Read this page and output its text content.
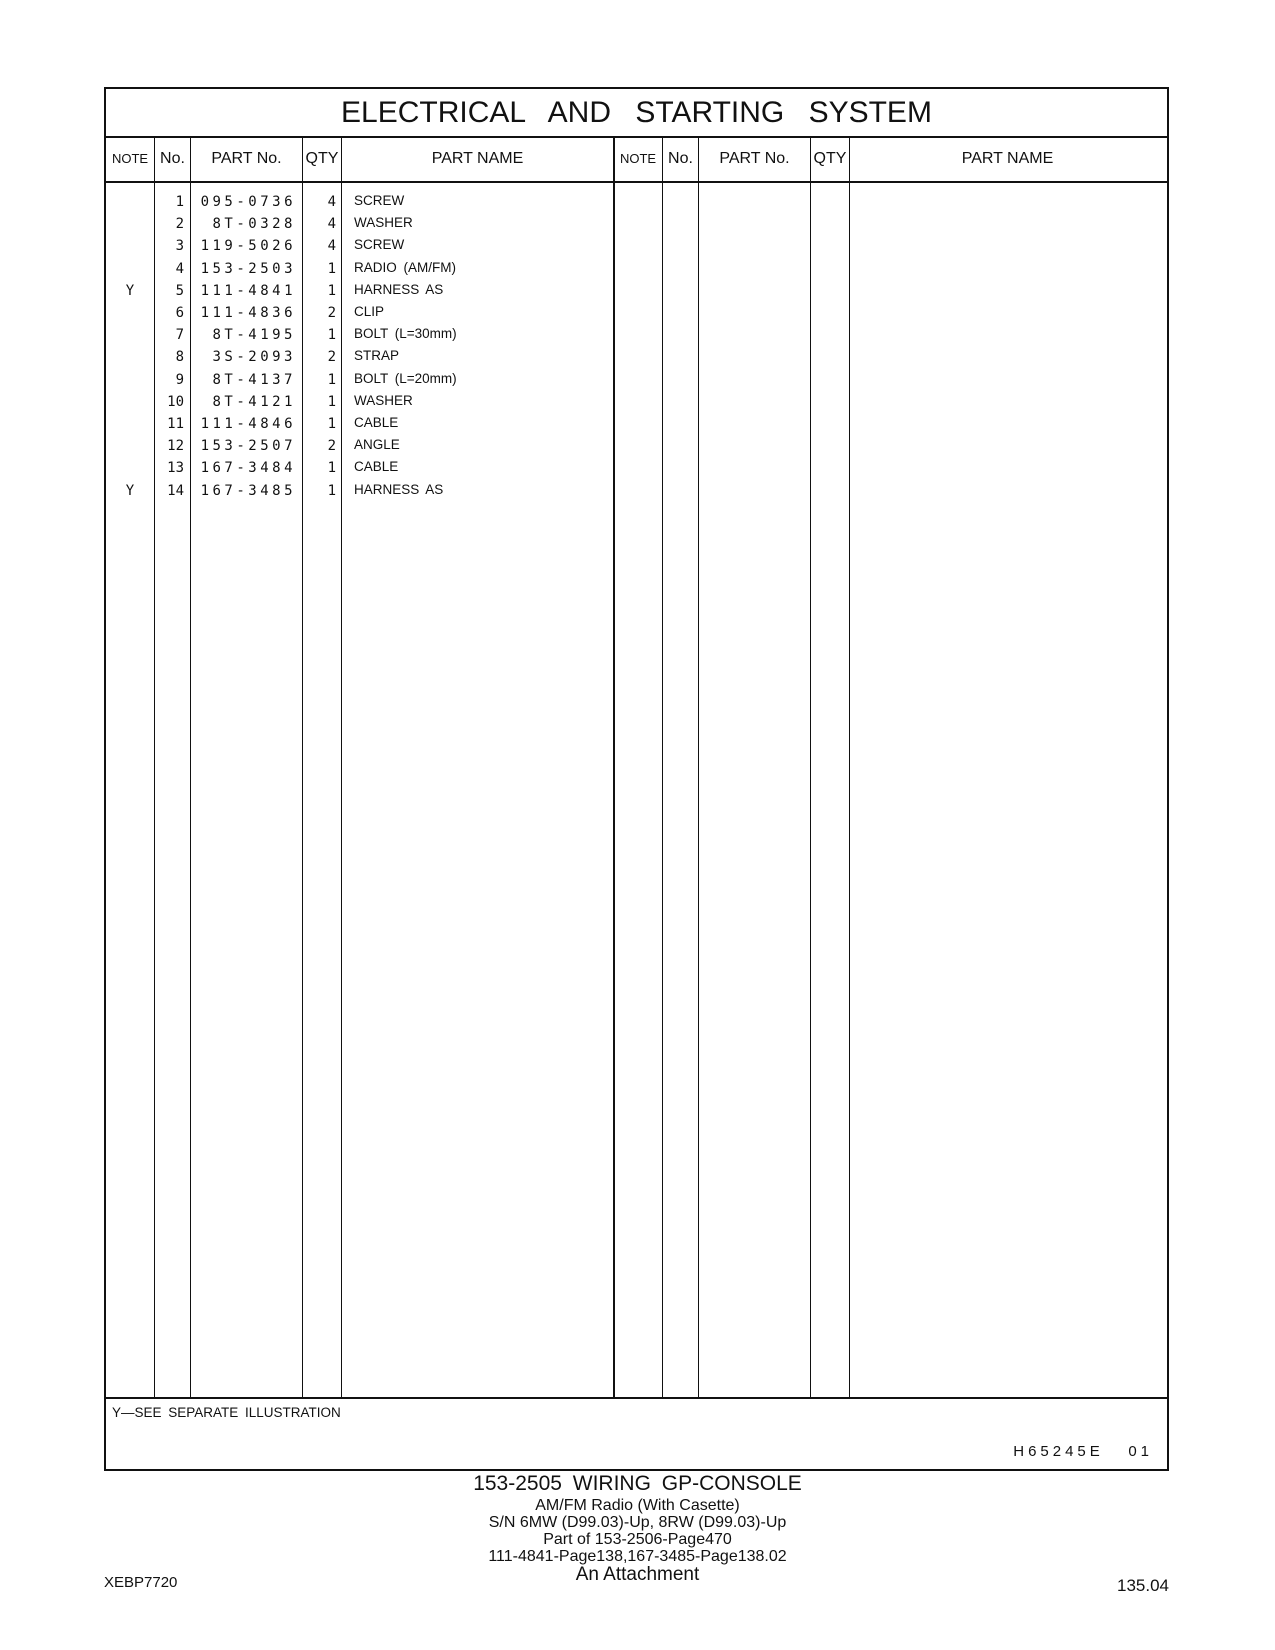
ELECTRICAL AND STARTING SYSTEM
NOTE No.	PART No.	QTY	PART NAME	NOTE No.	PART No.	QTY	PART NAME
1	095-0736	4 SCREW
2	8T-0328	4 WASHER
3	119-5026	4 SCREW
4	153-2503	1 RADIO (AM/FM)
Y	5	111-4841	1 HARNESS AS
6	111-4836	2 CLIP
7	8T-4195	1 BOLT (L=30mm)
8	3S-2093	2 STRAP
9	8T-4137	1 BOLT (L=20mm)
10	8T-4121	1 WASHER
11	111-4846	1 CABLE
12	153-2507	2 ANGLE
13	167-3484	1 CABLE
Y	14	167-3485	1 HARNESS AS
Y—SEE SEPARATE ILLUSTRATION
H65245E 01
153-2505 WIRING GP-CONSOLE
AM/FM Radio (With Casette)
S/N 6MW (D99.03)-Up, 8RW (D99.03)-Up
Part of 153-2506-Page470
111-4841-Page138,167-3485-Page138.02
An Attachment
XEBP7720	135.04
